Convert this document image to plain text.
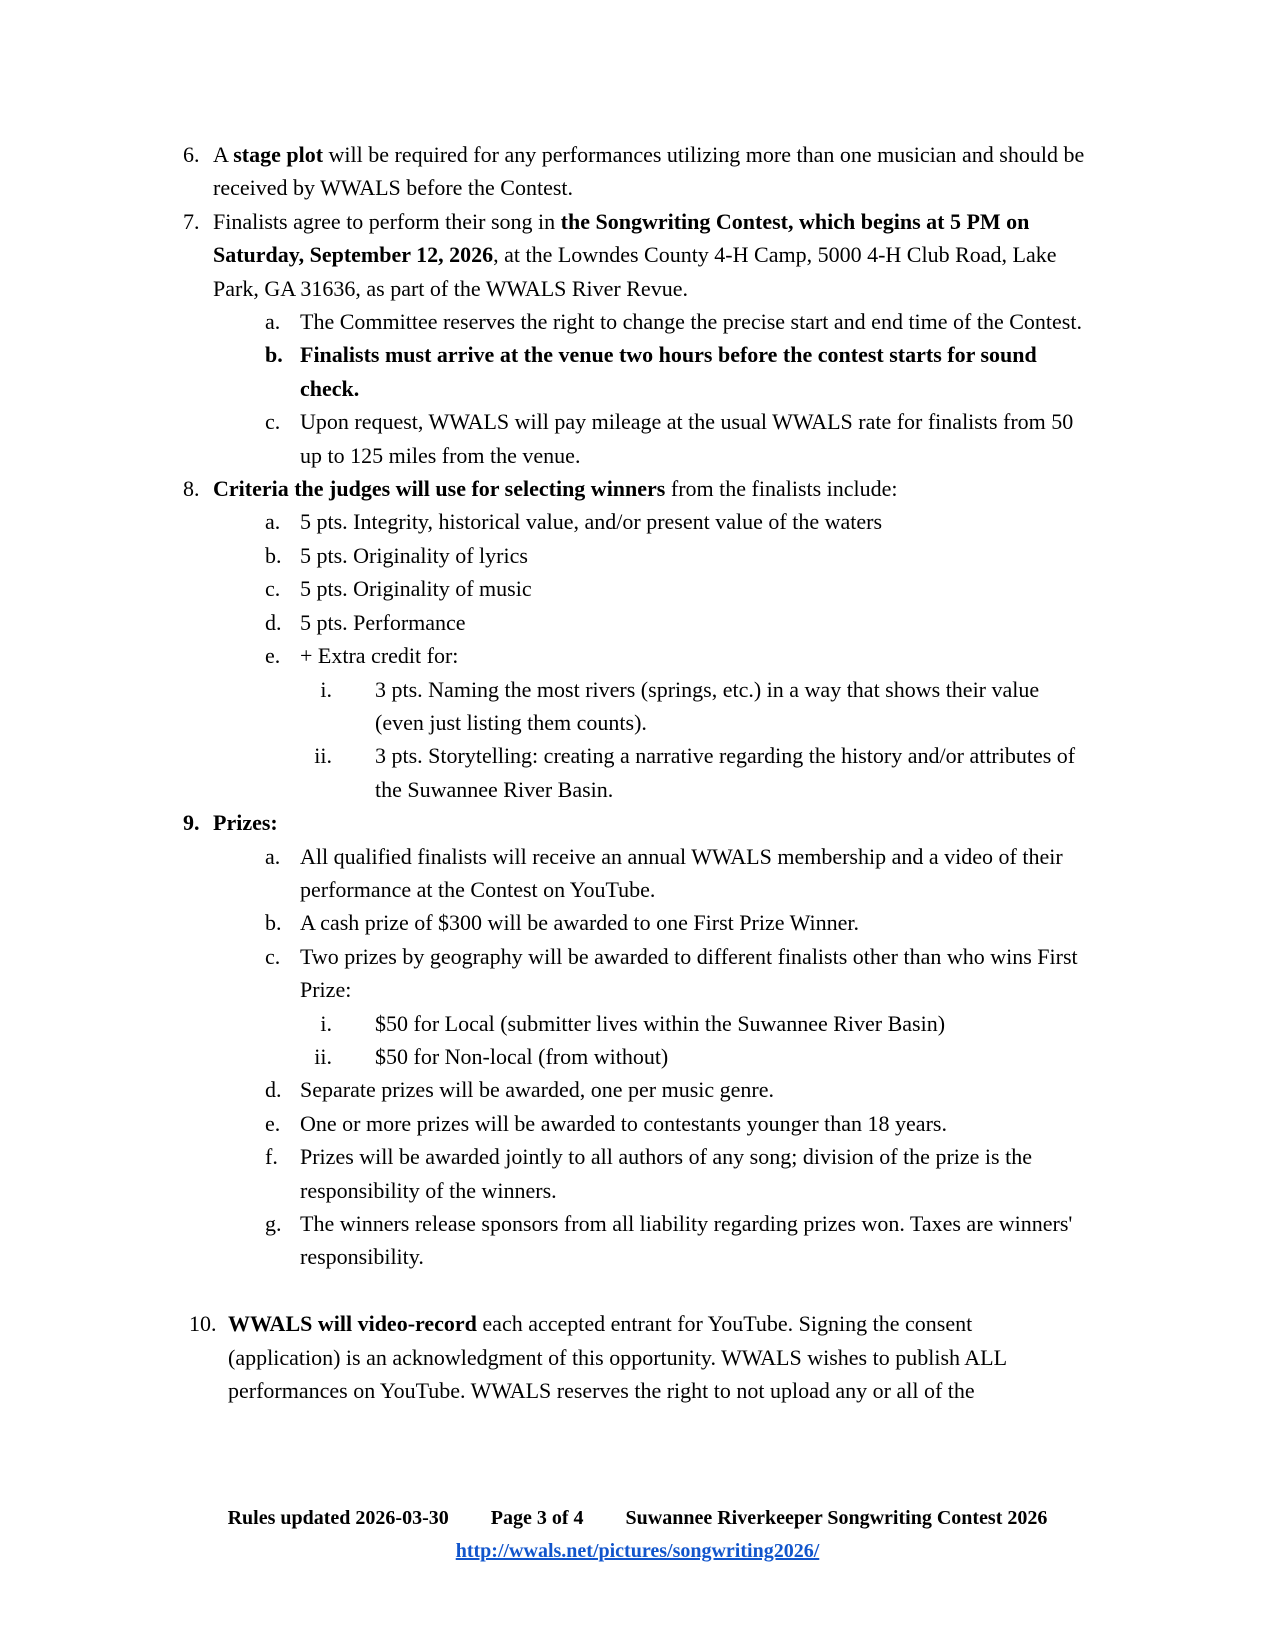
6. A stage plot will be required for any performances utilizing more than one musician and should be received by WWALS before the Contest.
7. Finalists agree to perform their song in the Songwriting Contest, which begins at 5 PM on Saturday, September 12, 2026, at the Lowndes County 4-H Camp, 5000 4-H Club Road, Lake Park, GA 31636, as part of the WWALS River Revue.
a. The Committee reserves the right to change the precise start and end time of the Contest.
b. Finalists must arrive at the venue two hours before the contest starts for sound check.
c. Upon request, WWALS will pay mileage at the usual WWALS rate for finalists from 50 up to 125 miles from the venue.
8. Criteria the judges will use for selecting winners from the finalists include:
a. 5 pts. Integrity, historical value, and/or present value of the waters
b. 5 pts. Originality of lyrics
c. 5 pts. Originality of music
d. 5 pts. Performance
e. + Extra credit for:
i. 3 pts. Naming the most rivers (springs, etc.) in a way that shows their value (even just listing them counts).
ii. 3 pts. Storytelling: creating a narrative regarding the history and/or attributes of the Suwannee River Basin.
9. Prizes:
a. All qualified finalists will receive an annual WWALS membership and a video of their performance at the Contest on YouTube.
b. A cash prize of $300 will be awarded to one First Prize Winner.
c. Two prizes by geography will be awarded to different finalists other than who wins First Prize:
i. $50 for Local (submitter lives within the Suwannee River Basin)
ii. $50 for Non-local (from without)
d. Separate prizes will be awarded, one per music genre.
e. One or more prizes will be awarded to contestants younger than 18 years.
f. Prizes will be awarded jointly to all authors of any song; division of the prize is the responsibility of the winners.
g. The winners release sponsors from all liability regarding prizes won. Taxes are winners' responsibility.
10. WWALS will video-record each accepted entrant for YouTube. Signing the consent (application) is an acknowledgment of this opportunity. WWALS wishes to publish ALL performances on YouTube. WWALS reserves the right to not upload any or all of the
Rules updated 2026-03-30 Page 3 of 4 Suwannee Riverkeeper Songwriting Contest 2026
http://wwals.net/pictures/songwriting2026/
